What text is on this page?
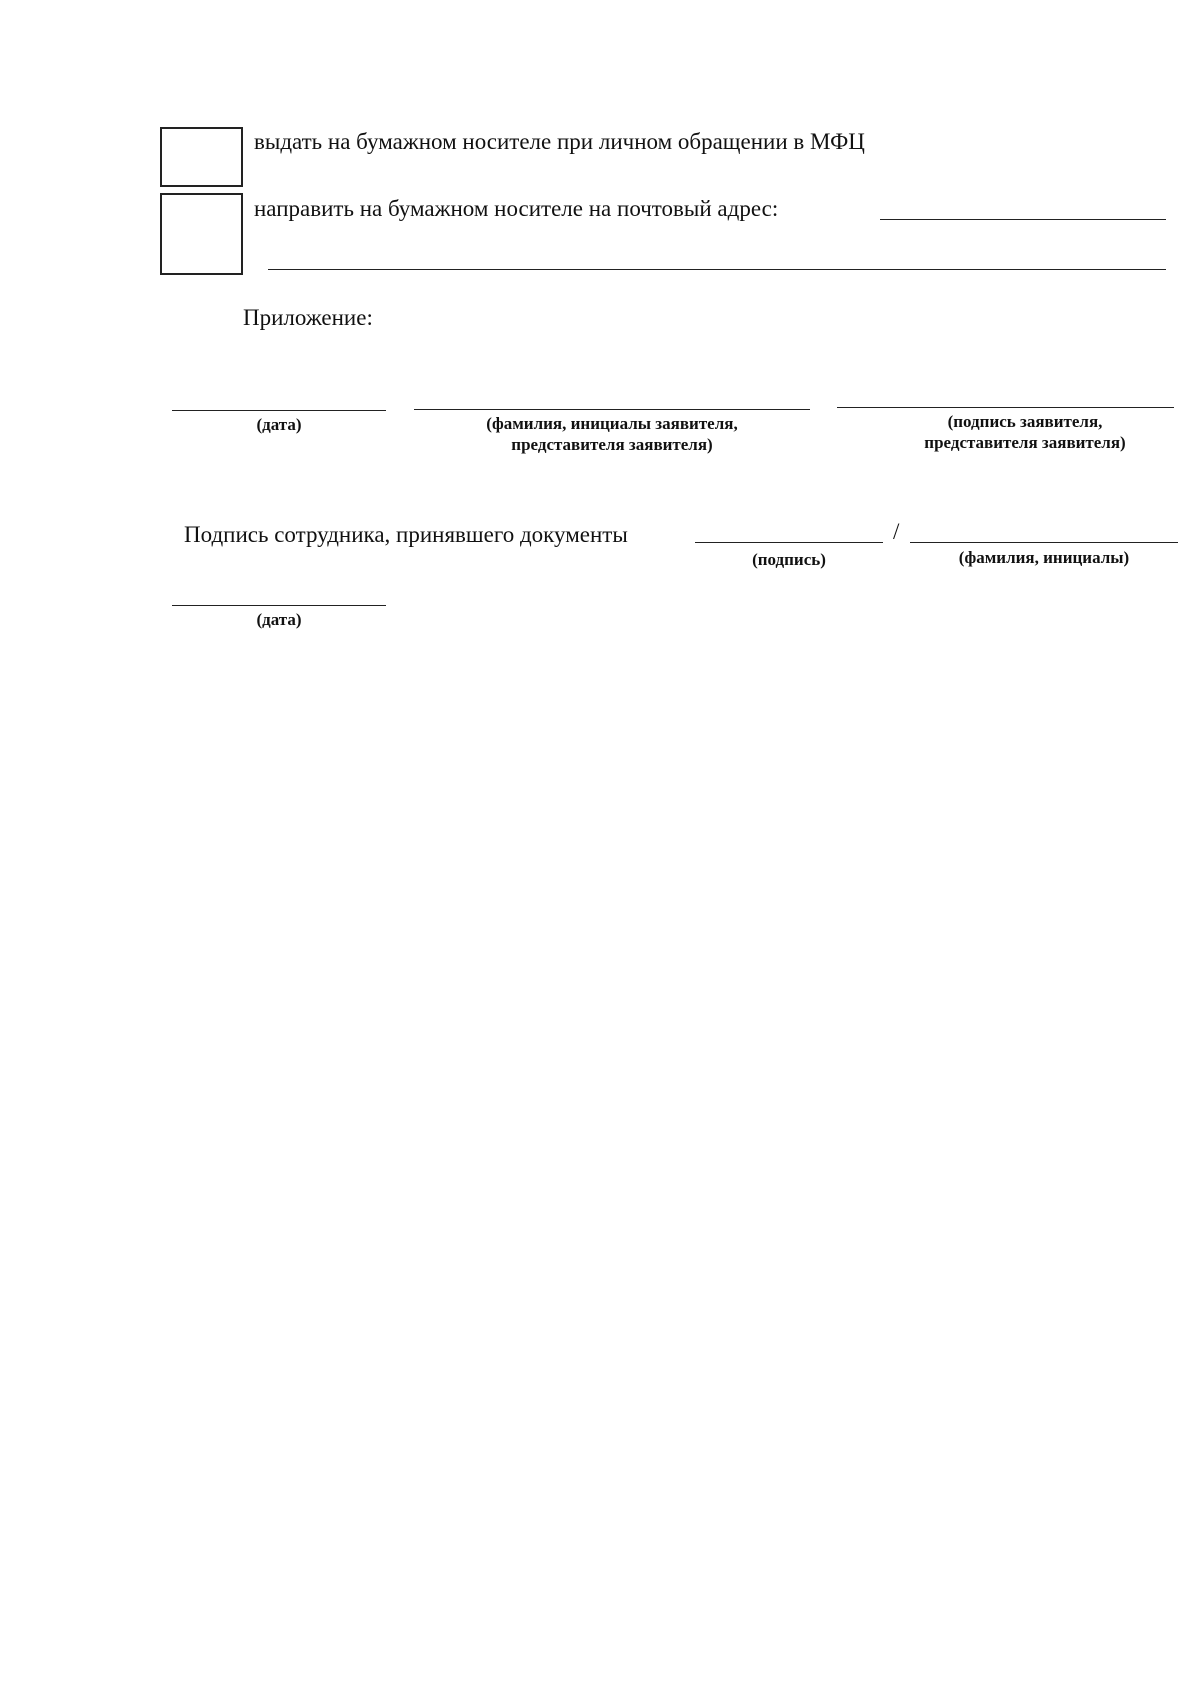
выдать на бумажном носителе при личном обращении в МФЦ
направить на бумажном носителе на почтовый адрес:
Приложение:
(дата)	(фамилия, инициалы заявителя,
представителя заявителя)
(подпись заявителя,
представителя заявителя)
Подпись сотрудника, принявшего документы	/
(подпись)	(фамилия, инициалы)
(дата)
